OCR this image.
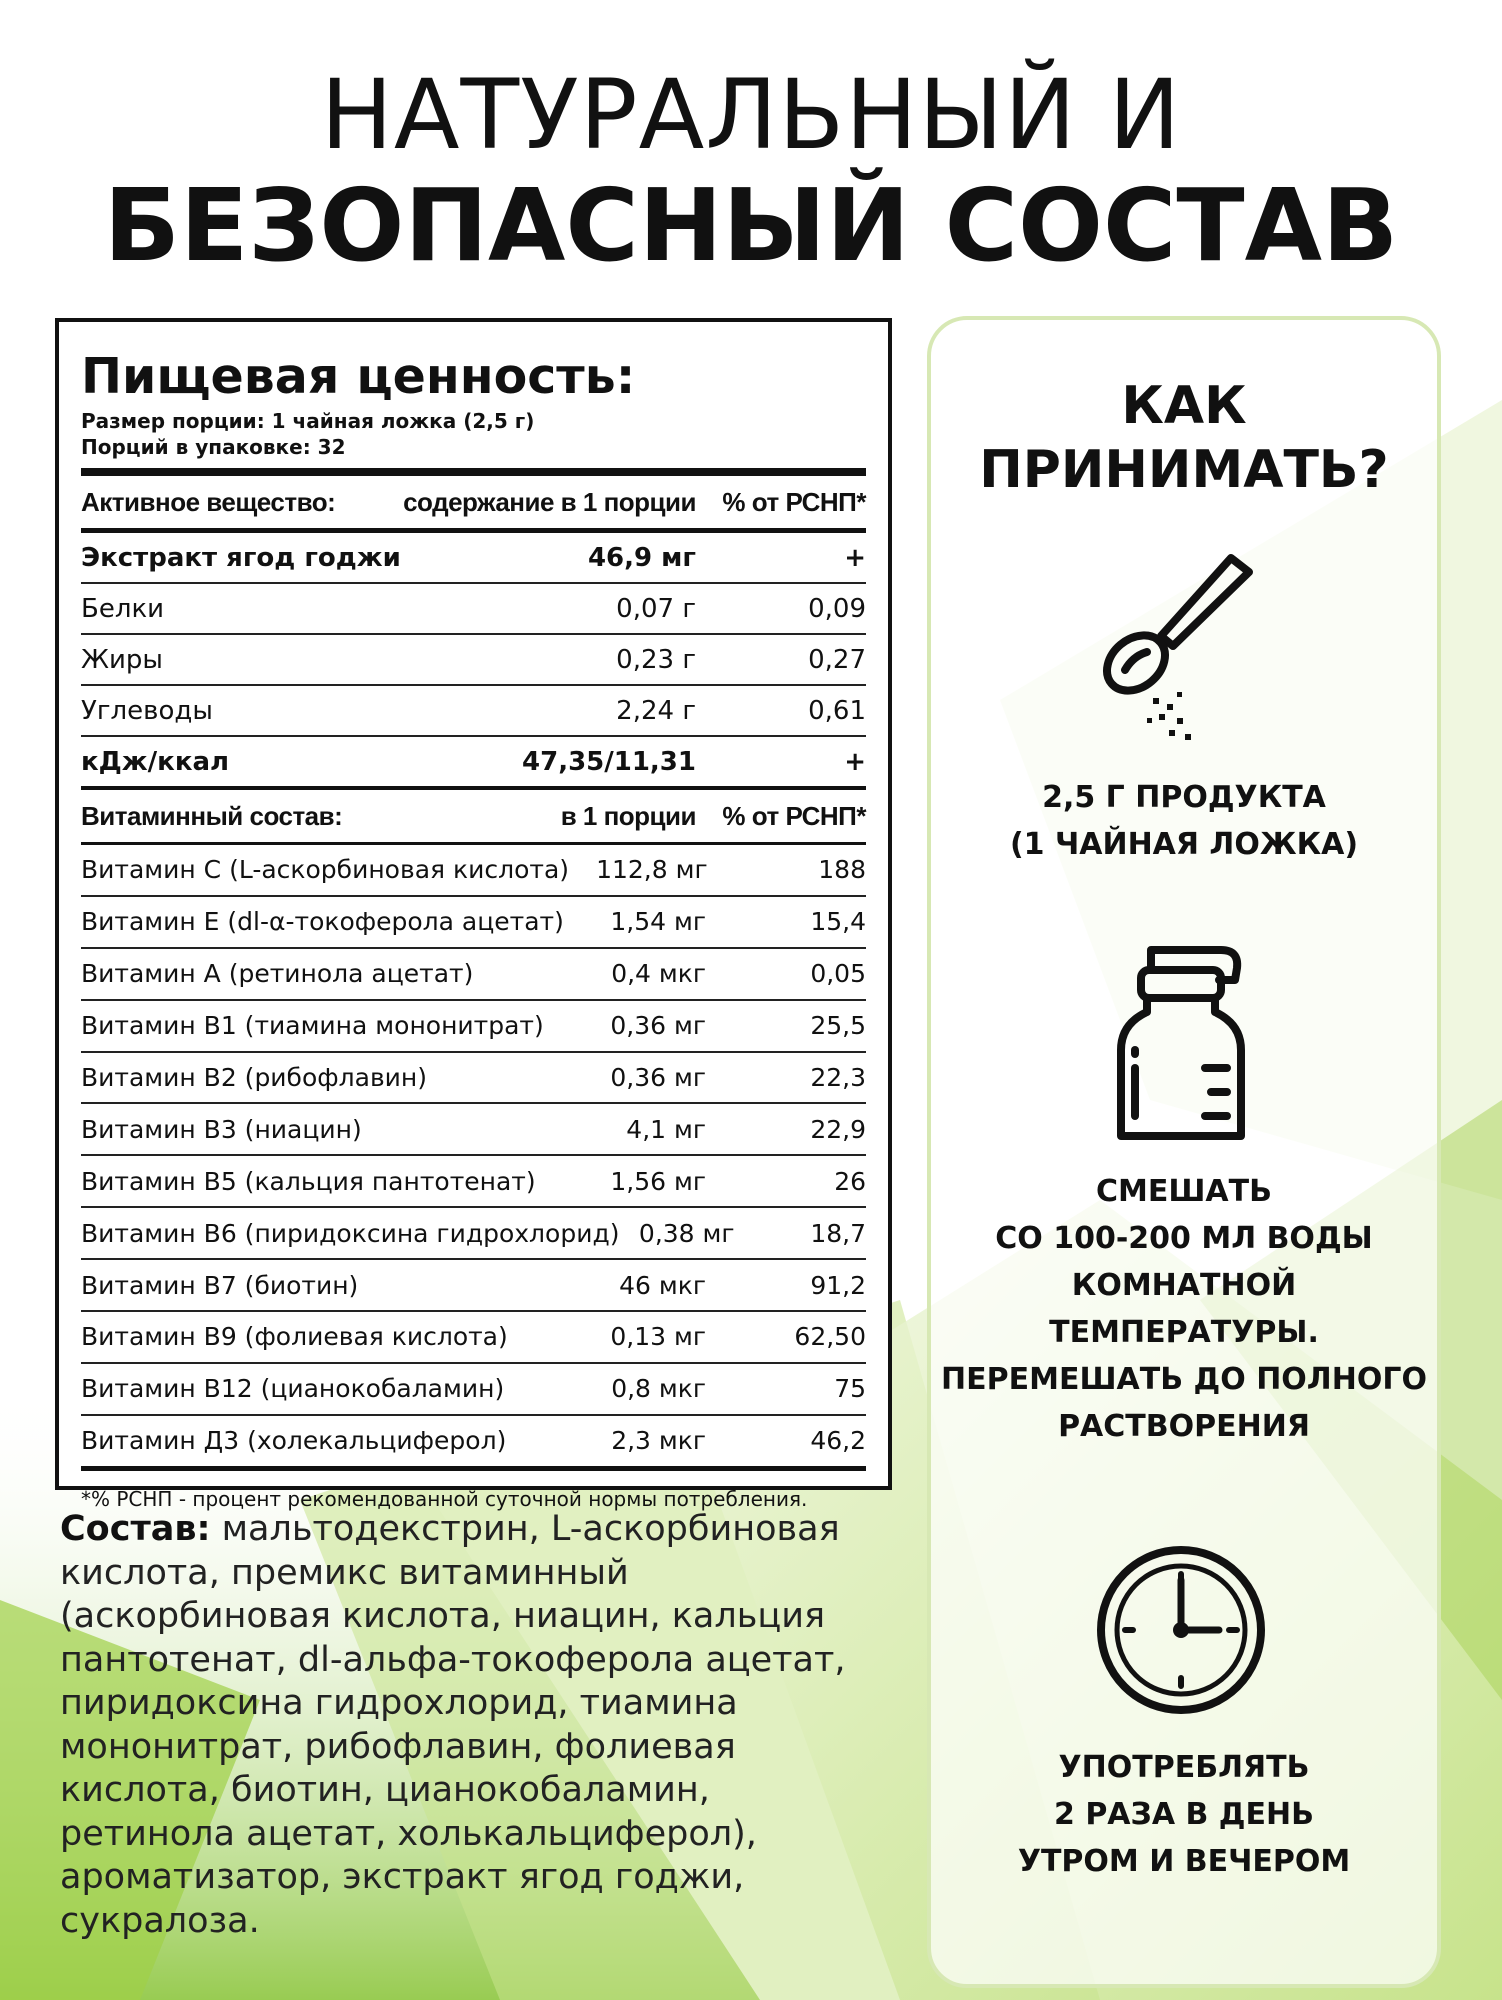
НАТУРАЛЬНЫЙ И
БЕЗОПАСНЫЙ СОСТАВ
Пищевая ценность:
Размер порции: 1 чайная ложка (2,5 г)
Порций в упаковке: 32
Активное вещество:	содержание в 1 порции	% от РСНП*
Экстракт ягод годжи	46,9 мг	+
Белки	0,07 г	0,09
Жиры	0,23 г	0,27
Углеводы	2,24 г	0,61
кДж/ккал	47,35/11,31	+
Витаминный состав:	в 1 порции	% от РСНП*
Витамин С (L-аскорбиновая кислота)	112,8 мг	188
Витамин Е (dl-α-токоферола ацетат)	1,54 мг	15,4
Витамин А (ретинола ацетат)	0,4 мкг	0,05
Витамин В1 (тиамина мононитрат)	0,36 мг	25,5
Витамин В2 (рибофлавин)	0,36 мг	22,3
Витамин В3 (ниацин)	4,1 мг	22,9
Витамин В5 (кальция пантотенат)	1,56 мг	26
Витамин В6 (пиридоксина гидрохлорид) 0,38 мг	18,7
Витамин В7 (биотин)	46 мкг	91,2
Витамин В9 (фолиевая кислота)	0,13 мг	62,50
Витамин В12 (цианокобаламин)	0,8 мкг	75
Витамин Д3 (холекальциферол)	2,3 мкг	46,2
*% РСНП - процент рекомендованной суточной нормы потребления.
Состав: мальтодекстрин, L-аскорбиновая кислота, премикс витаминный (аскорбиновая кислота, ниацин, кальция пантотенат, dl-альфа-токоферола ацетат, пиридоксина гидрохлорид, тиамина мононитрат, рибофлавин, фолиевая кислота, биотин, цианокобаламин, ретинола ацетат, холькальциферол), ароматизатор, экстракт ягод годжи, сукралоза.
КАК
ПРИНИМАТЬ?
2,5 Г ПРОДУКТА
(1 ЧАЙНАЯ ЛОЖКА)
СМЕШАТЬ
СО 100-200 МЛ ВОДЫ
КОМНАТНОЙ
ТЕМПЕРАТУРЫ.
ПЕРЕМЕШАТЬ ДО ПОЛНОГО
РАСТВОРЕНИЯ
УПОТРЕБЛЯТЬ
2 РАЗА В ДЕНЬ
УТРОМ И ВЕЧЕРОМ
